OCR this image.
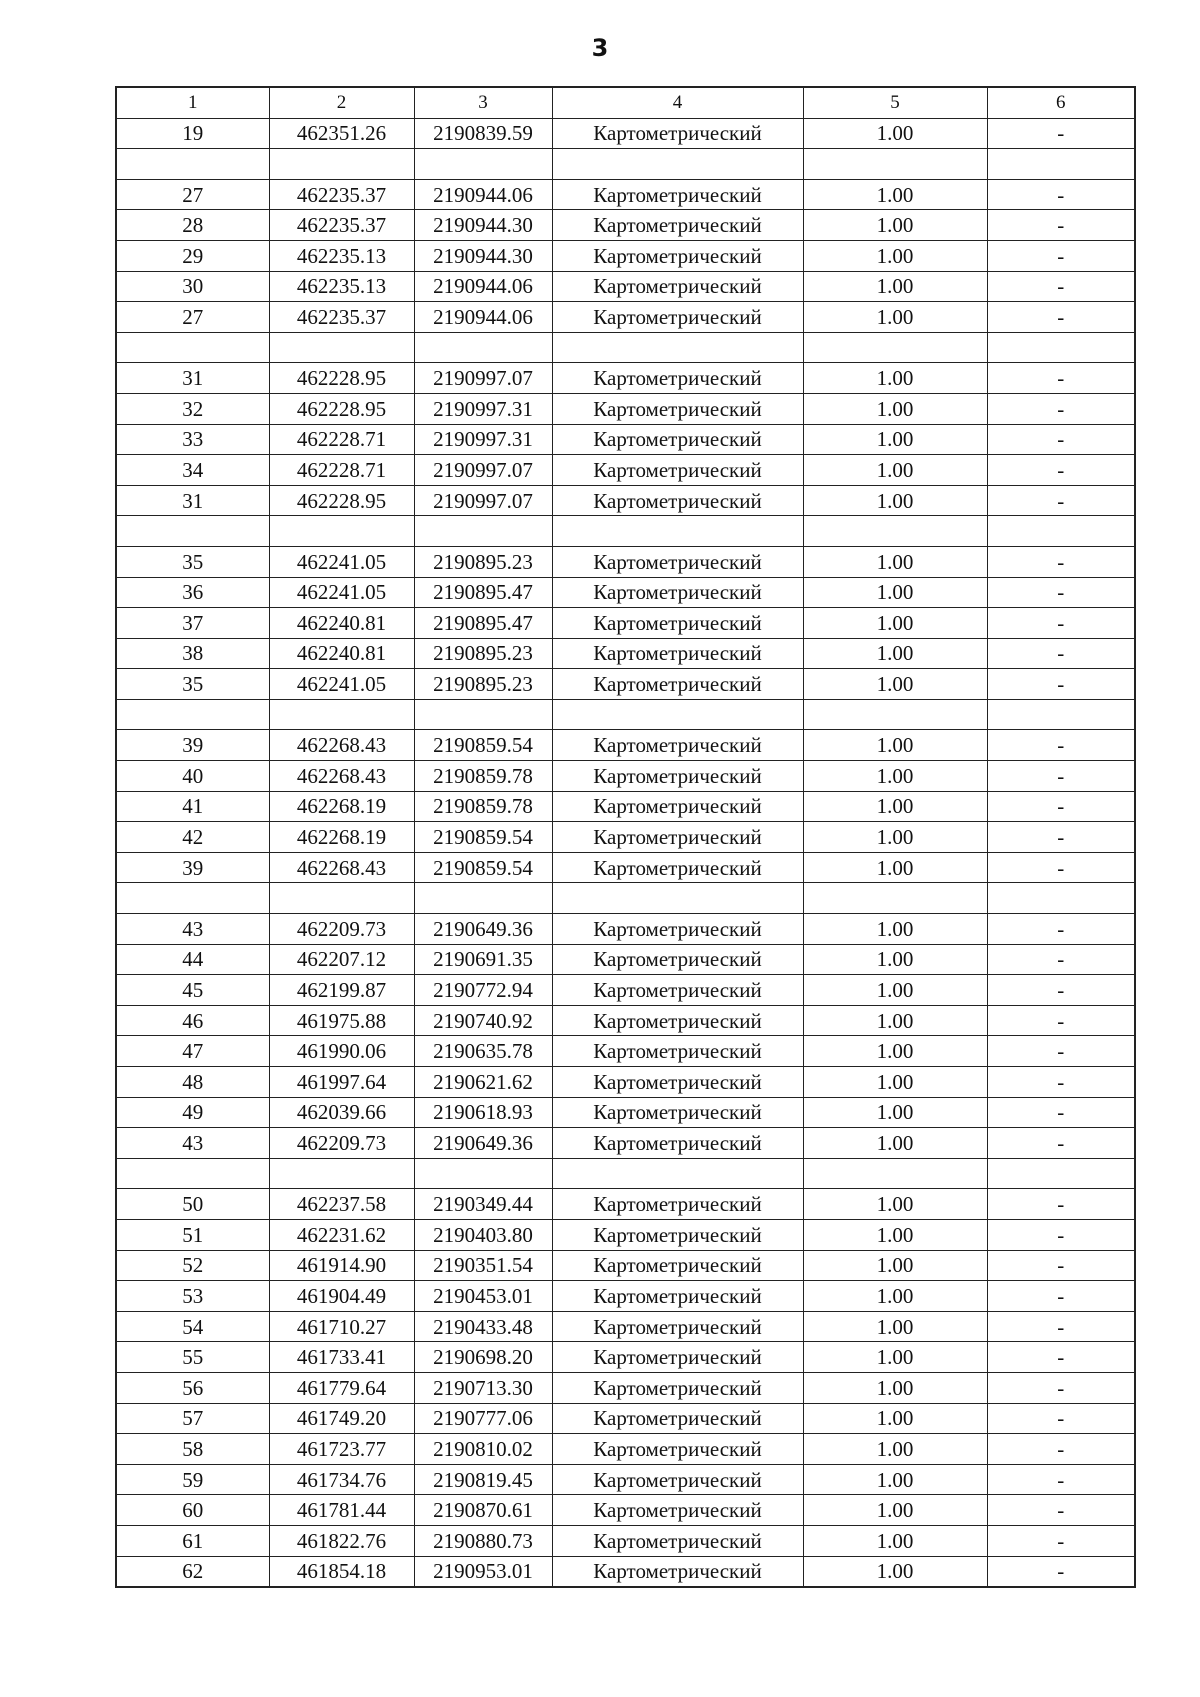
3
1	2	3	4	5	6
19	462351.26	2190839.59	Картометрический	1.00	-

27	462235.37	2190944.06	Картометрический	1.00	-
28	462235.37	2190944.30	Картометрический	1.00	-
29	462235.13	2190944.30	Картометрический	1.00	-
30	462235.13	2190944.06	Картометрический	1.00	-
27	462235.37	2190944.06	Картометрический	1.00	-

31	462228.95	2190997.07	Картометрический	1.00	-
32	462228.95	2190997.31	Картометрический	1.00	-
33	462228.71	2190997.31	Картометрический	1.00	-
34	462228.71	2190997.07	Картометрический	1.00	-
31	462228.95	2190997.07	Картометрический	1.00	-

35	462241.05	2190895.23	Картометрический	1.00	-
36	462241.05	2190895.47	Картометрический	1.00	-
37	462240.81	2190895.47	Картометрический	1.00	-
38	462240.81	2190895.23	Картометрический	1.00	-
35	462241.05	2190895.23	Картометрический	1.00	-

39	462268.43	2190859.54	Картометрический	1.00	-
40	462268.43	2190859.78	Картометрический	1.00	-
41	462268.19	2190859.78	Картометрический	1.00	-
42	462268.19	2190859.54	Картометрический	1.00	-
39	462268.43	2190859.54	Картометрический	1.00	-

43	462209.73	2190649.36	Картометрический	1.00	-
44	462207.12	2190691.35	Картометрический	1.00	-
45	462199.87	2190772.94	Картометрический	1.00	-
46	461975.88	2190740.92	Картометрический	1.00	-
47	461990.06	2190635.78	Картометрический	1.00	-
48	461997.64	2190621.62	Картометрический	1.00	-
49	462039.66	2190618.93	Картометрический	1.00	-
43	462209.73	2190649.36	Картометрический	1.00	-

50	462237.58	2190349.44	Картометрический	1.00	-
51	462231.62	2190403.80	Картометрический	1.00	-
52	461914.90	2190351.54	Картометрический	1.00	-
53	461904.49	2190453.01	Картометрический	1.00	-
54	461710.27	2190433.48	Картометрический	1.00	-
55	461733.41	2190698.20	Картометрический	1.00	-
56	461779.64	2190713.30	Картометрический	1.00	-
57	461749.20	2190777.06	Картометрический	1.00	-
58	461723.77	2190810.02	Картометрический	1.00	-
59	461734.76	2190819.45	Картометрический	1.00	-
60	461781.44	2190870.61	Картометрический	1.00	-
61	461822.76	2190880.73	Картометрический	1.00	-
62	461854.18	2190953.01	Картометрический	1.00	-
